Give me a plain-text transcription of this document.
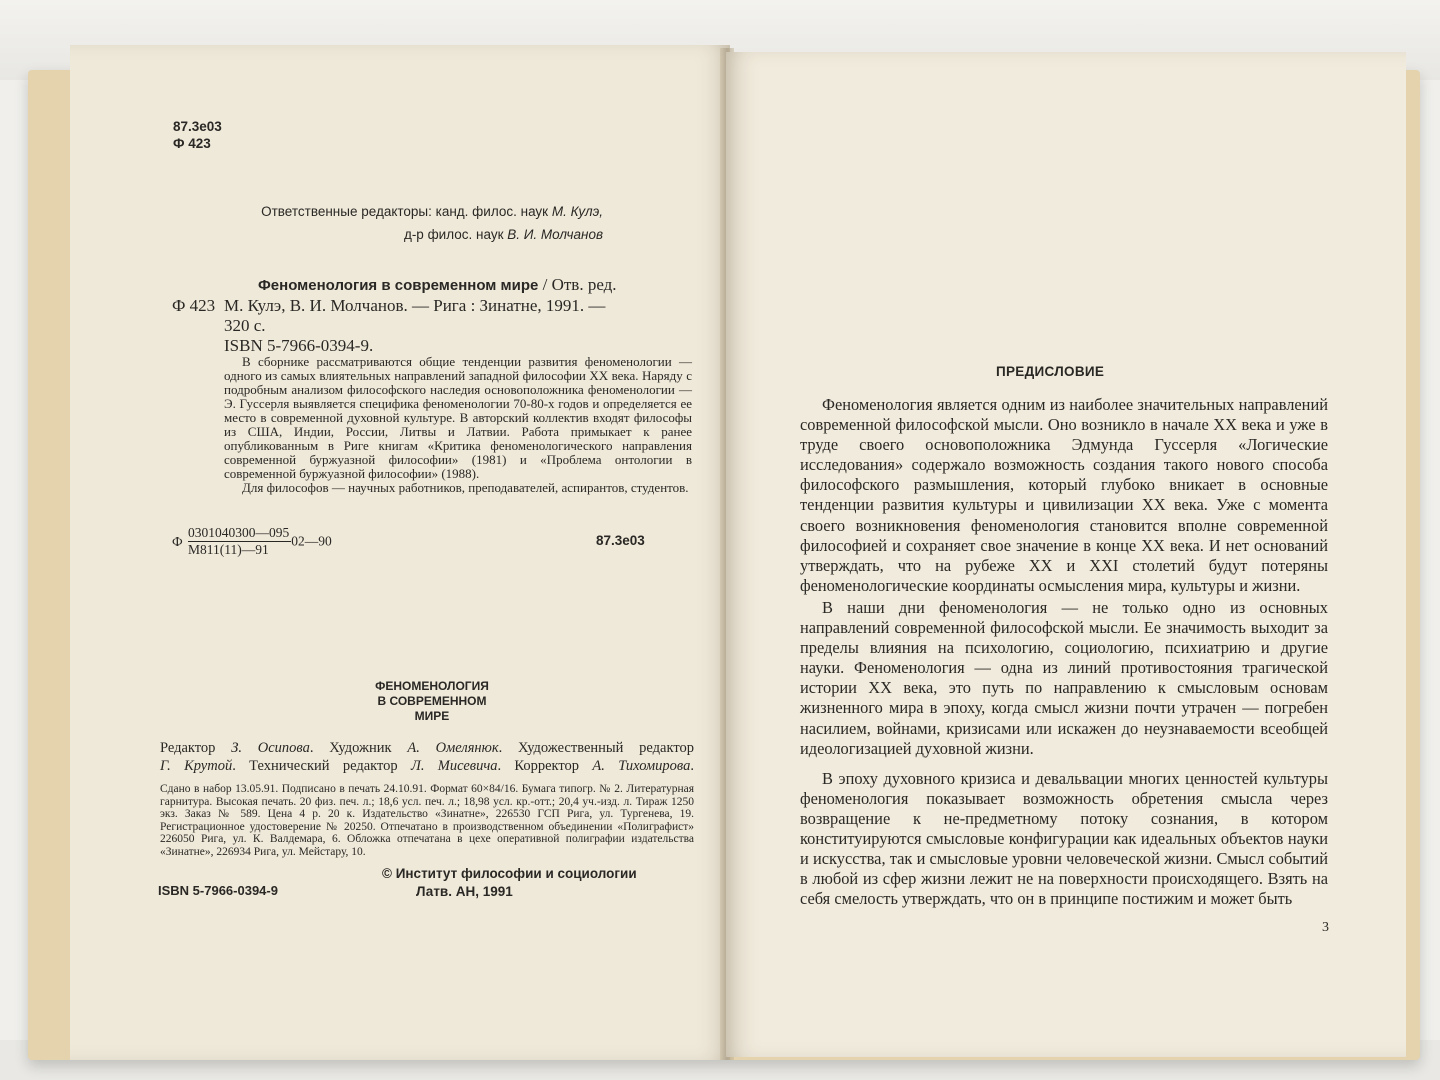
87.3e03
Ф 423

Ответственные редакторы: канд. филос. наук М. Кулэ,
д-р филос. наук В. И. Молчанов

Феноменология в современном мире / Отв. ред.

Ф 423 М. Кулэ, В. И. Молчанов. — Рига : Зинатне, 1991. —

320 с.

ISBN 5-7966-0394-9.

В сборнике рассматриваются общие тенденции развития феноменологии — одного из самых влиятельных направлений западной философии XX века. Наряду с подробным анализом философского наследия основоположника феноменологии — Э. Гуссерля выявляется специфика феноменологии 70-80-х годов и определяется ее место в современной духовной культуре. В авторский коллектив входят философы из США, Индии, России, Литвы и Латвии. Работа примыкает к ранее опубликованным в Риге книгам «Критика феноменологического направления современной буржуазной философии» (1981) и «Проблема онтологии в современной буржуазной философии» (1988).

Для философов — научных работников, преподавателей, аспирантов, студентов.

Ф $\frac{0301040300—095}{M811(11)—91}$ 02—90	87.3e03

ФЕНОМЕНОЛОГИЯ
В СОВРЕМЕННОМ
МИРЕ

Редактор З. Осипова. Художник А. Омелянюк. Художественный редактор

Г. Крутой. Технический редактор Л. Мисевича. Корректор А. Тихомирова.

Сдано в набор 13.05.91. Подписано в печать 24.10.91. Формат 60×84/16. Бумага типогр. № 2. Литературная гарнитура. Высокая печать. 20 физ. печ. л.; 18,6 усл. печ. л.; 18,98 усл. кр.-отт.; 20,4 уч.-изд. л. Тираж 1250 экз. Заказ № 589. Цена 4 р. 20 к. Издательство «Зинатне», 226530 ГСП Рига, ул. Тургенева, 19. Регистрационное удостоверение № 20250. Отпечатано в производственном объединении «Полиграфист» 226050 Рига, ул. К. Валдемара, 6. Обложка отпечатана в цехе оперативной полиграфии издательства «Зинатне», 226934 Рига, ул. Мейстару, 10.

ISBN 5-7966-0394-9

© Институт философии и социологии
Латв. АН, 1991

ПРЕДИСЛОВИЕ

Феноменология является одним из наиболее значительных направлений современной философской мысли. Оно возникло в начале XX века и уже в труде своего основоположника Эдмунда Гуссерля «Логические исследования» содержало возможность создания такого нового способа философского размышления, который глубоко вникает в основные тенденции развития культуры и цивилизации XX века. Уже с момента своего возникновения феноменология становится вполне современной философией и сохраняет свое значение в конце XX века. И нет оснований утверждать, что на рубеже XX и XXI столетий будут потеряны феноменологические координаты осмысления мира, культуры и жизни.

В наши дни феноменология — не только одно из основных направлений современной философской мысли. Ее значимость выходит за пределы влияния на психологию, социологию, психиатрию и другие науки. Феноменология — одна из линий противостояния трагической истории XX века, это путь по направлению к смысловым основам жизненного мира в эпоху, когда смысл жизни почти утрачен — погребен насилием, войнами, кризисами или искажен до неузнаваемости всеобщей идеологизацией духовной жизни.

В эпоху духовного кризиса и девальвации многих ценностей культуры феноменология показывает возможность обретения смысла через возвращение к не-предметному потоку сознания, в котором конституируются смысловые конфигурации как идеальных объектов науки и искусства, так и смысловые уровни человеческой жизни. Смысл событий в любой из сфер жизни лежит не на поверхности происходящего. Взять на себя смелость утверждать, что он в принципе постижим и может быть

3
